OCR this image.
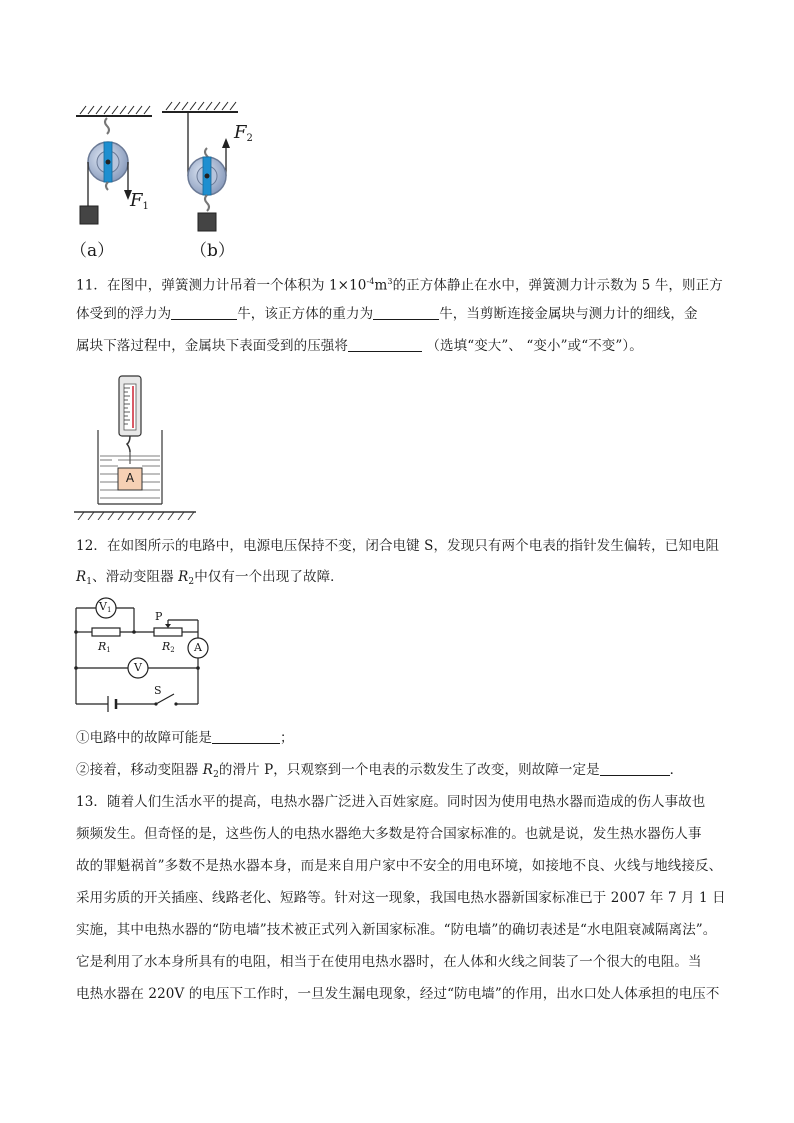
$F_1$
$F_2$
（a）	（b）
11．在图中，弹簧测力计吊着一个体积为 $1\times 10^{-4}m^3$的正方体静止在水中，弹簧测力计示数为 5 牛，则正方
体受到的浮力为	牛，该正方体的重力为	牛，当剪断连接金属块与测力计的细线，金
属块下落过程中，金属块下表面受到的压强将	（选填“变大”、 “变小”或“不变”）。
A
12．在如图所示的电路中，电源电压保持不变，闭合电键 S，发现只有两个电表的指针发生偏转，已知电阻
$R_1$、滑动变阻器 $R_2$中仅有一个出现了故障．
V1	P
R1	R2 A
V
S
①电路中的故障可能是	；
②接着，移动变阻器 $R_2$的滑片 P，只观察到一个电表的示数发生了改变，则故障一定是	．
13．随着人们生活水平的提高，电热水器广泛进入百姓家庭。同时因为使用电热水器而造成的伤人事故也
频频发生。但奇怪的是，这些伤人的电热水器绝大多数是符合国家标准的。也就是说，发生热水器伤人事
故的罪魁祸首”多数不是热水器本身，而是来自用户家中不安全的用电环境，如接地不良、火线与地线接反、
采用劣质的开关插座、线路老化、短路等。针对这一现象，我国电热水器新国家标准已于 2007 年 7 月 1 日
实施，其中电热水器的“防电墙”技术被正式列入新国家标准。“防电墙”的确切表述是“水电阻衰减隔离法”。
它是利用了水本身所具有的电阻，相当于在使用电热水器时，在人体和火线之间装了一个很大的电阻。当
电热水器在 220V 的电压下工作时，一旦发生漏电现象，经过“防电墙”的作用，出水口处人体承担的电压不
